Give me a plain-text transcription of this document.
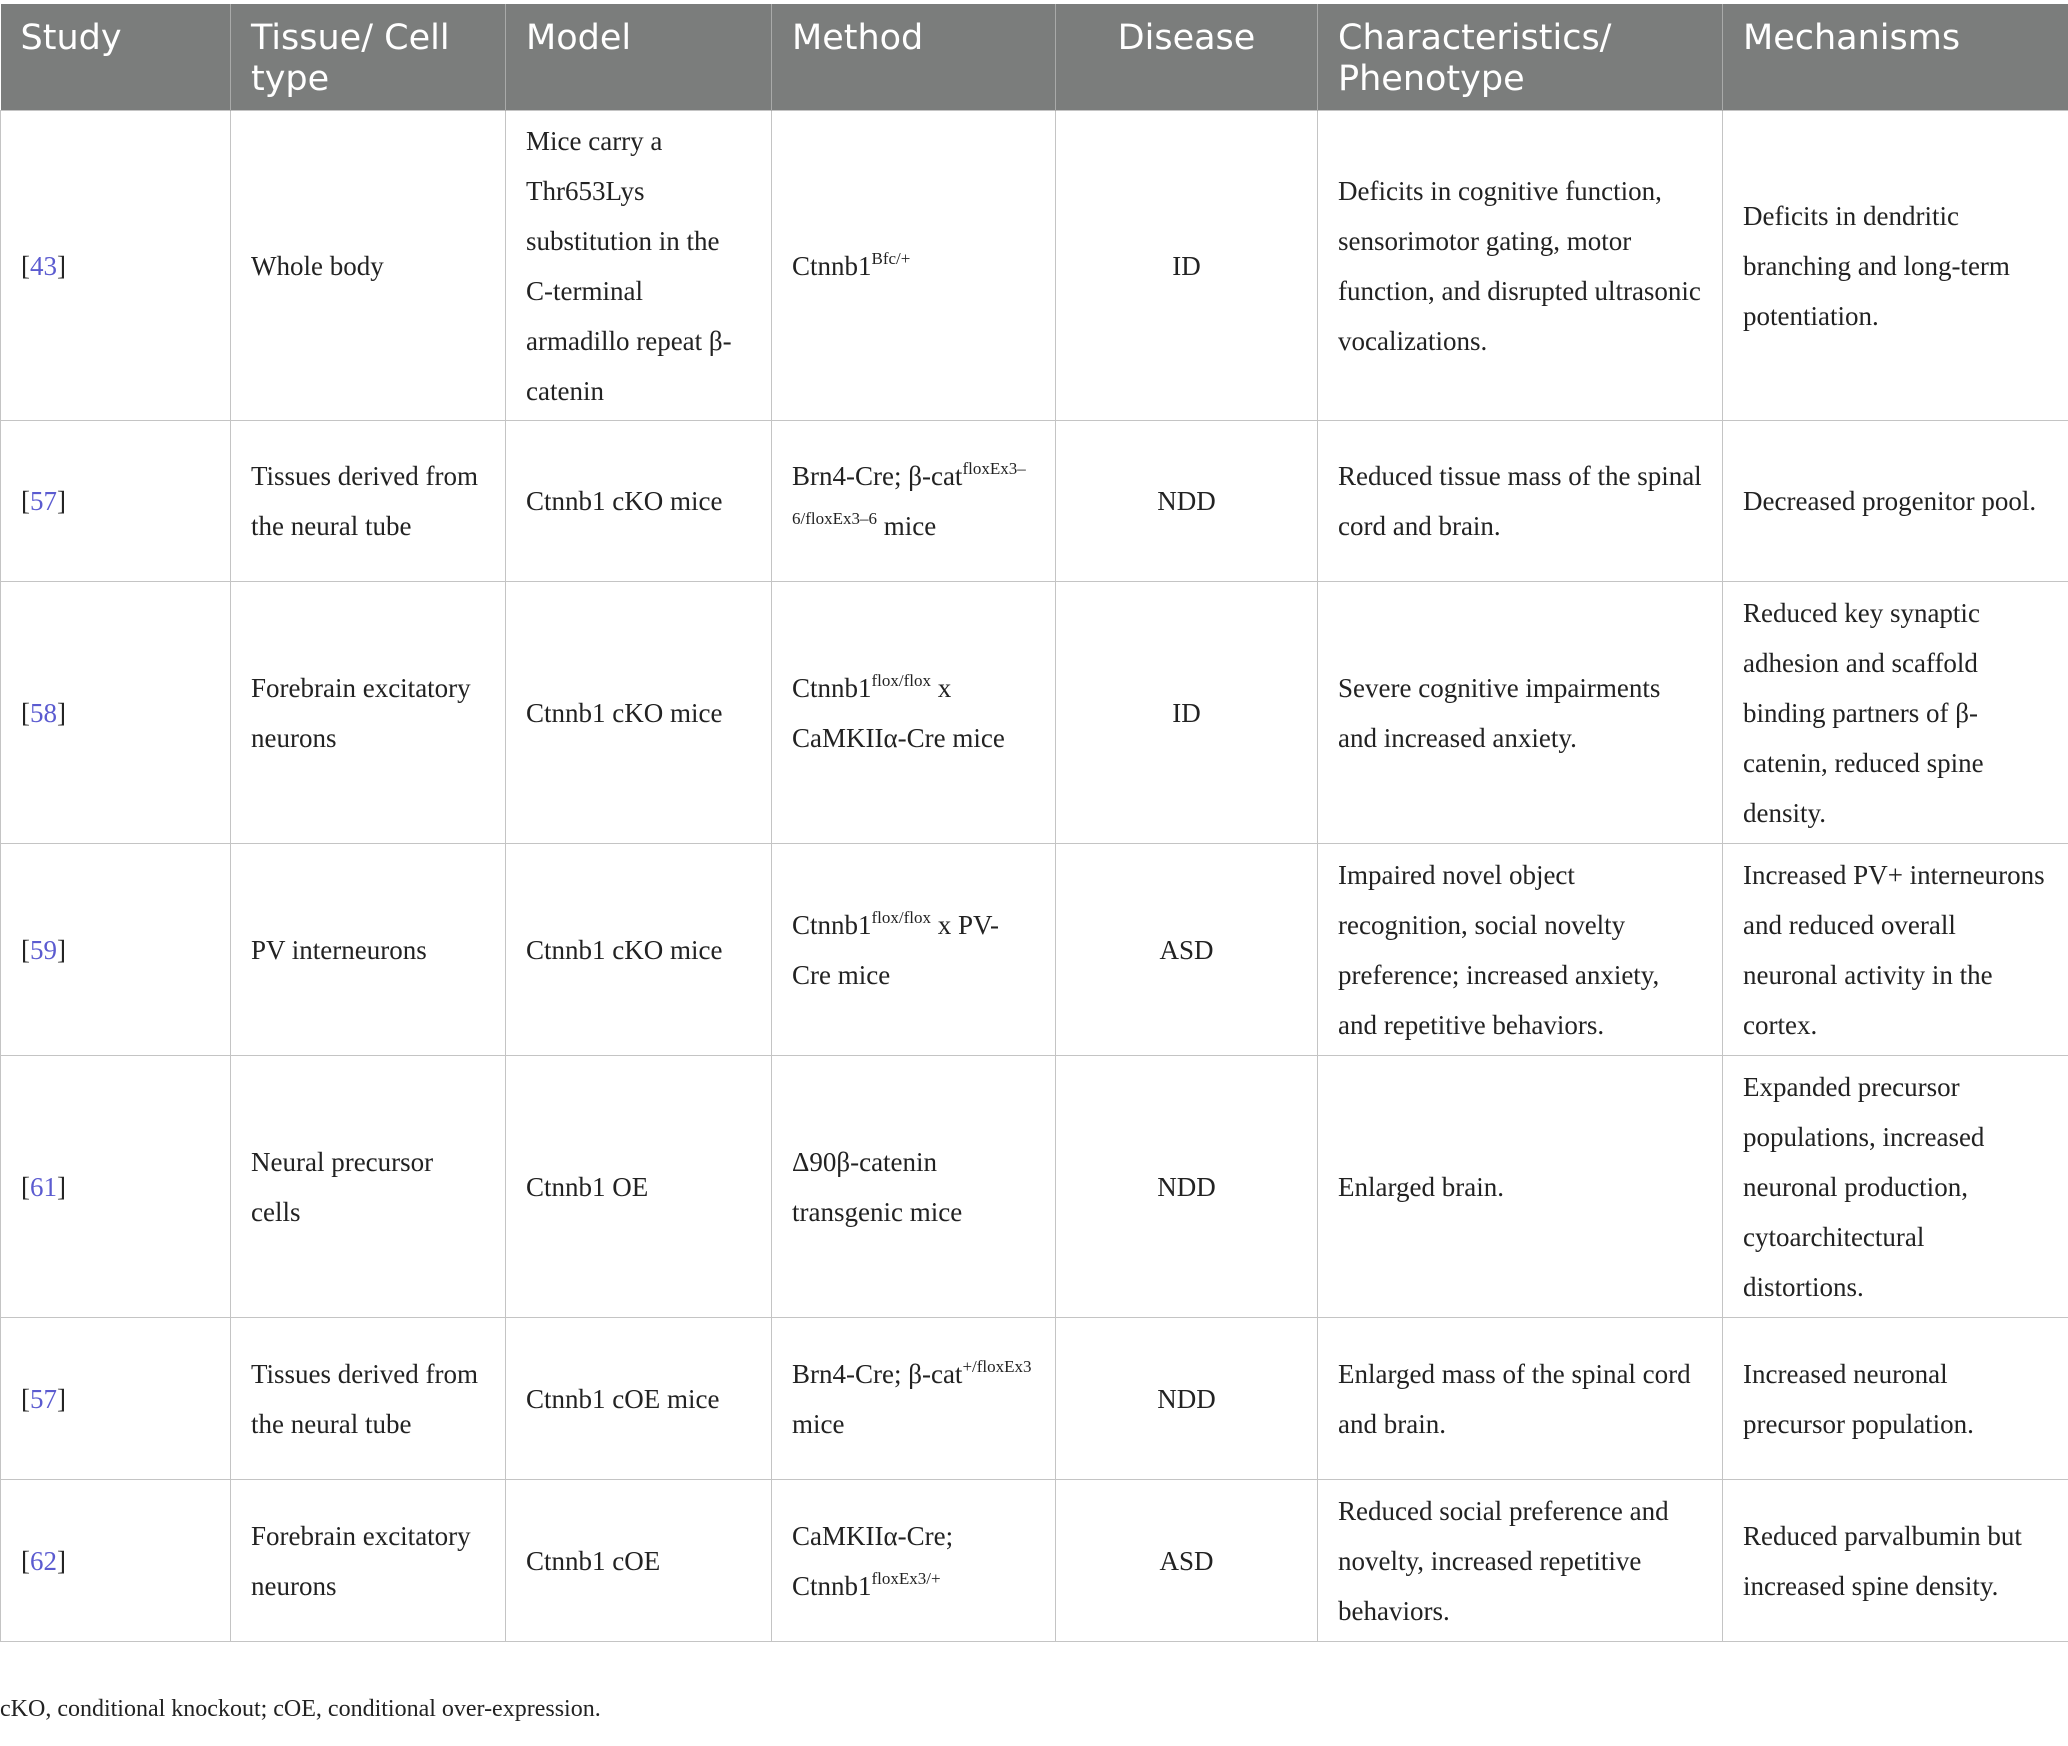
Study	Tissue/ Cell type	Model	Method	Disease	Characteristics/ Phenotype	Mechanisms
[43]	Whole body	Mice carry a Thr653Lys substitution in the C-terminal armadillo repeat β-catenin	$Ctnnb1^{Bfc/+}$	ID	Deficits in cognitive function, sensorimotor gating, motor function, and disrupted ultrasonic vocalizations.	Deficits in dendritic branching and long-term potentiation.
[57]	Tissues derived from the neural tube	Ctnnb1 cKO mice	Brn4-Cre; β-cat$^{floxEx3-6/floxEx3-6}$ mice	NDD	Reduced tissue mass of the spinal cord and brain.	Decreased progenitor pool.
[58]	Forebrain excitatory neurons	Ctnnb1 cKO mice	$Ctnnb1^{flox/flox}$ x CaMKIIα-Cre mice	ID	Severe cognitive impairments and increased anxiety.	Reduced key synaptic adhesion and scaffold binding partners of β-catenin, reduced spine density.
[59]	PV interneurons	Ctnnb1 cKO mice	$Ctnnb1^{flox/flox}$ x PV-Cre mice	ASD	Impaired novel object recognition, social novelty preference; increased anxiety, and repetitive behaviors.	Increased PV+ interneurons and reduced overall neuronal activity in the cortex.
[61]	Neural precursor cells	Ctnnb1 OE	Δ90β-catenin transgenic mice	NDD	Enlarged brain.	Expanded precursor populations, increased neuronal production, cytoarchitectural distortions.
[57]	Tissues derived from the neural tube	Ctnnb1 cOE mice	Brn4-Cre; β-cat$^{+/floxEx3}$ mice	NDD	Enlarged mass of the spinal cord and brain.	Increased neuronal precursor population.
[62]	Forebrain excitatory neurons	Ctnnb1 cOE	CaMKIIα-Cre; $Ctnnb1^{floxEx3/+}$	ASD	Reduced social preference and novelty, increased repetitive behaviors.	Reduced parvalbumin but increased spine density.
cKO, conditional knockout; cOE, conditional over-expression.
